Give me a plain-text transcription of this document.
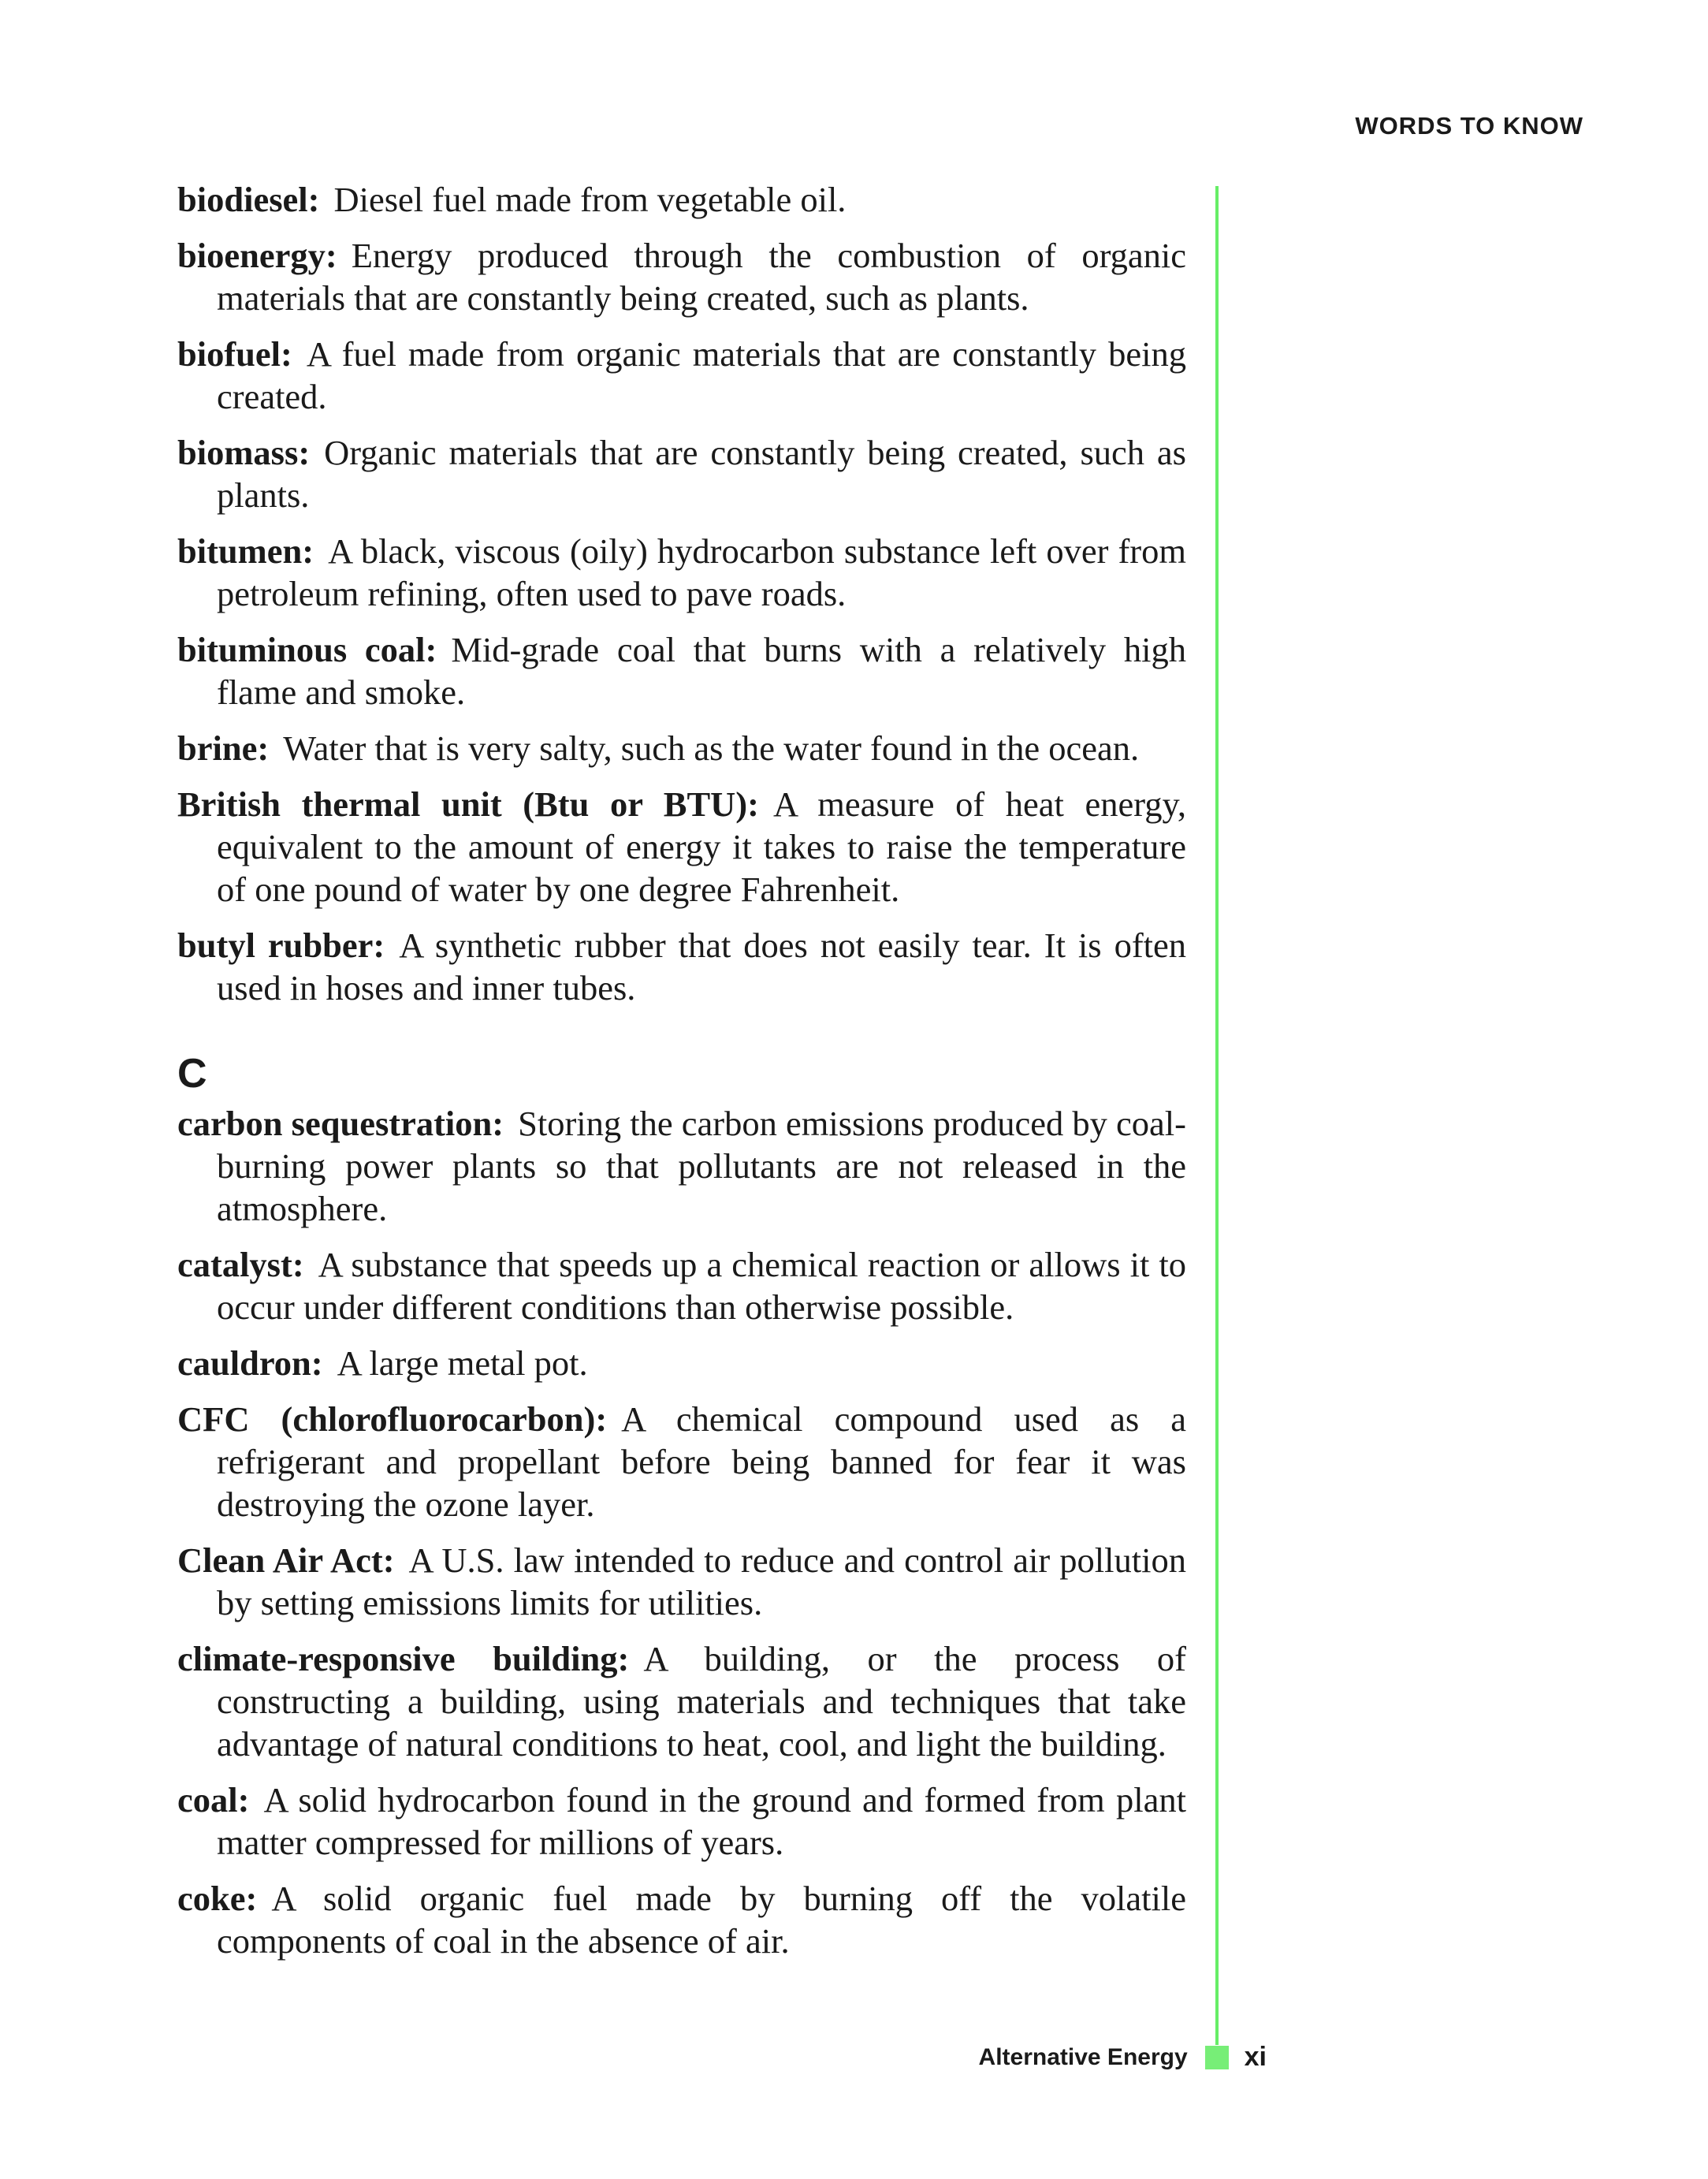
WORDS TO KNOW

biodiesel: Diesel fuel made from vegetable oil.

bioenergy: Energy produced through the combustion of organic materials that are constantly being created, such as plants.

biofuel: A fuel made from organic materials that are constantly being created.

biomass: Organic materials that are constantly being created, such as plants.

bitumen: A black, viscous (oily) hydrocarbon substance left over from petroleum refining, often used to pave roads.

bituminous coal: Mid-grade coal that burns with a relatively high flame and smoke.

brine: Water that is very salty, such as the water found in the ocean.

British thermal unit (Btu or BTU): A measure of heat energy, equivalent to the amount of energy it takes to raise the temperature of one pound of water by one degree Fahrenheit.

butyl rubber: A synthetic rubber that does not easily tear. It is often used in hoses and inner tubes.

C

carbon sequestration: Storing the carbon emissions produced by coal-burning power plants so that pollutants are not released in the atmosphere.

catalyst: A substance that speeds up a chemical reaction or allows it to occur under different conditions than otherwise possible.

cauldron: A large metal pot.

CFC (chlorofluorocarbon): A chemical compound used as a refrigerant and propellant before being banned for fear it was destroying the ozone layer.

Clean Air Act: A U.S. law intended to reduce and control air pollution by setting emissions limits for utilities.

climate-responsive building: A building, or the process of constructing a building, using materials and techniques that take advantage of natural conditions to heat, cool, and light the building.

coal: A solid hydrocarbon found in the ground and formed from plant matter compressed for millions of years.

coke: A solid organic fuel made by burning off the volatile components of coal in the absence of air.

Alternative Energy xi
